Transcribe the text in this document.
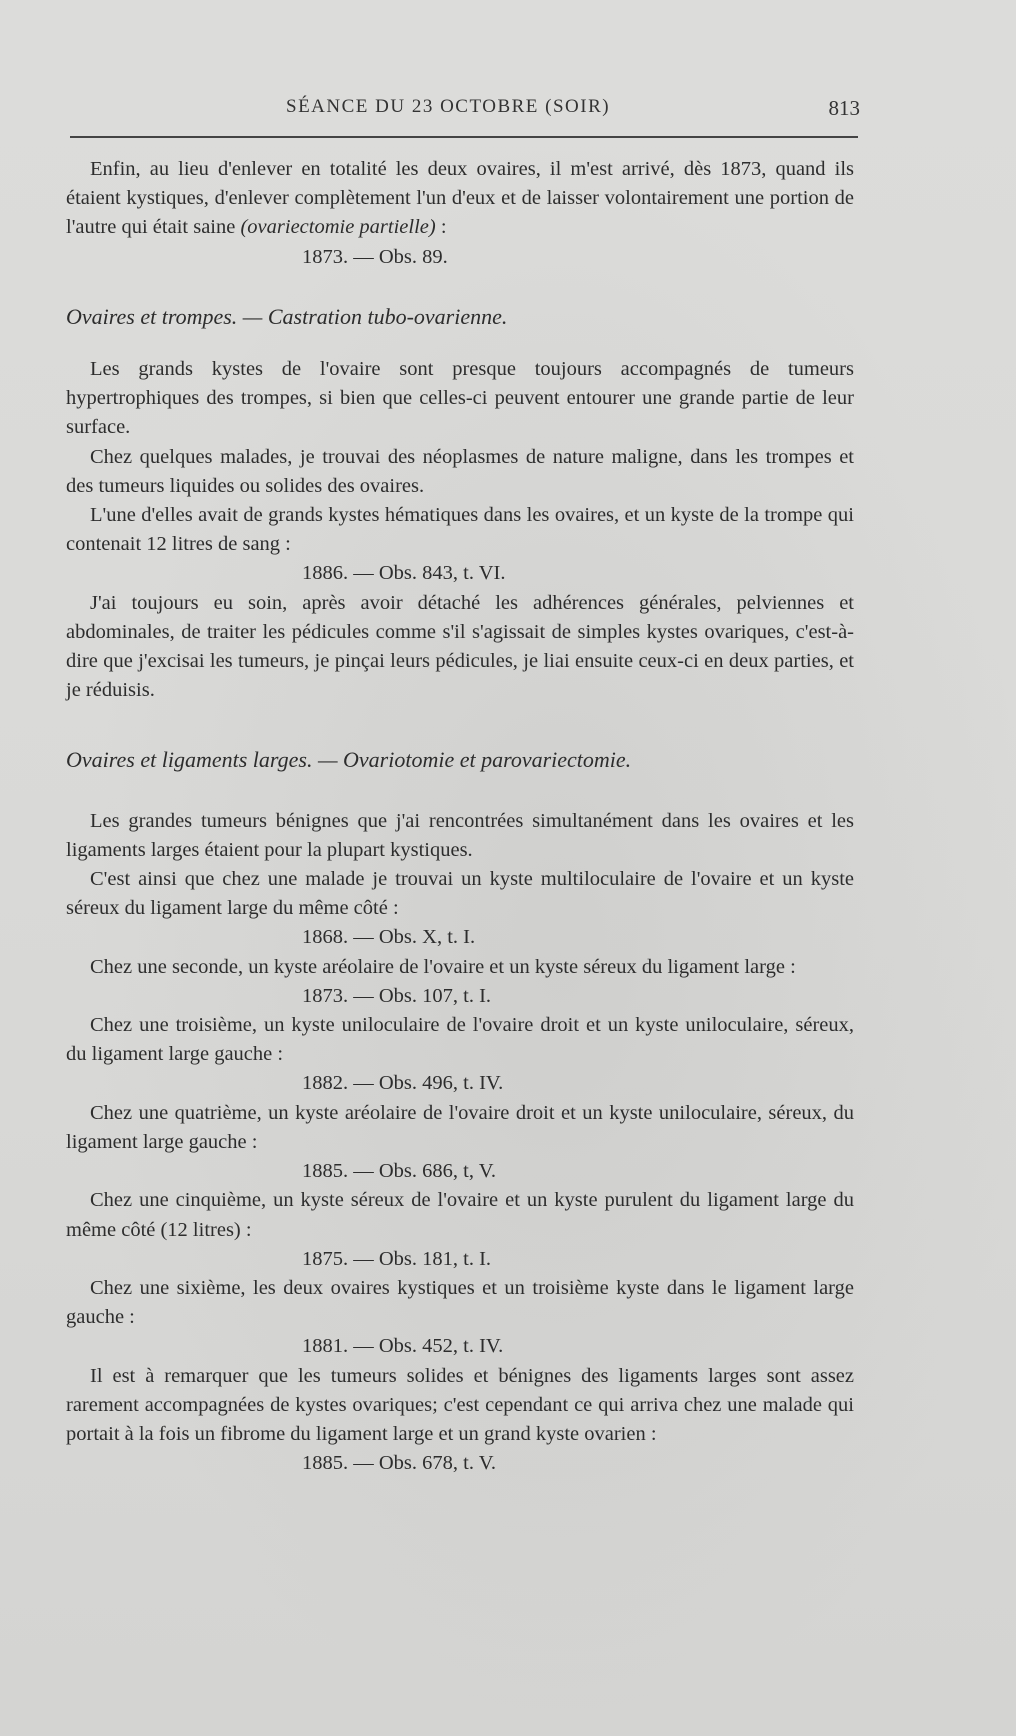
SÉANCE DU 23 OCTOBRE (SOIR)	813

Enfin, au lieu d'enlever en totalité les deux ovaires, il m'est arrivé, dès 1873, quand ils étaient kystiques, d'enlever complètement l'un d'eux et de laisser volontairement une portion de l'autre qui était saine (ovariectomie partielle) :

1873. — Obs. 89.

Ovaires et trompes. — Castration tubo-ovarienne.

Les grands kystes de l'ovaire sont presque toujours accompagnés de tumeurs hypertrophiques des trompes, si bien que celles-ci peuvent entourer une grande partie de leur surface.

Chez quelques malades, je trouvai des néoplasmes de nature maligne, dans les trompes et des tumeurs liquides ou solides des ovaires.

L'une d'elles avait de grands kystes hématiques dans les ovaires, et un kyste de la trompe qui contenait 12 litres de sang :

1886. — Obs. 843, t. VI.

J'ai toujours eu soin, après avoir détaché les adhérences générales, pelviennes et abdominales, de traiter les pédicules comme s'il s'agissait de simples kystes ovariques, c'est-à-dire que j'excisai les tumeurs, je pinçai leurs pédicules, je liai ensuite ceux-ci en deux parties, et je réduisis.

Ovaires et ligaments larges. — Ovariotomie et parovariectomie.

Les grandes tumeurs bénignes que j'ai rencontrées simultanément dans les ovaires et les ligaments larges étaient pour la plupart kystiques.

C'est ainsi que chez une malade je trouvai un kyste multiloculaire de l'ovaire et un kyste séreux du ligament large du même côté :

1868. — Obs. X, t. I.

Chez une seconde, un kyste aréolaire de l'ovaire et un kyste séreux du ligament large :

1873. — Obs. 107, t. I.

Chez une troisième, un kyste uniloculaire de l'ovaire droit et un kyste uniloculaire, séreux, du ligament large gauche :

1882. — Obs. 496, t. IV.

Chez une quatrième, un kyste aréolaire de l'ovaire droit et un kyste uniloculaire, séreux, du ligament large gauche :

1885. — Obs. 686, t, V.

Chez une cinquième, un kyste séreux de l'ovaire et un kyste purulent du ligament large du même côté (12 litres) :

1875. — Obs. 181, t. I.

Chez une sixième, les deux ovaires kystiques et un troisième kyste dans le ligament large gauche :

1881. — Obs. 452, t. IV.

Il est à remarquer que les tumeurs solides et bénignes des ligaments larges sont assez rarement accompagnées de kystes ovariques; c'est cependant ce qui arriva chez une malade qui portait à la fois un fibrome du ligament large et un grand kyste ovarien :

1885. — Obs. 678, t. V.
